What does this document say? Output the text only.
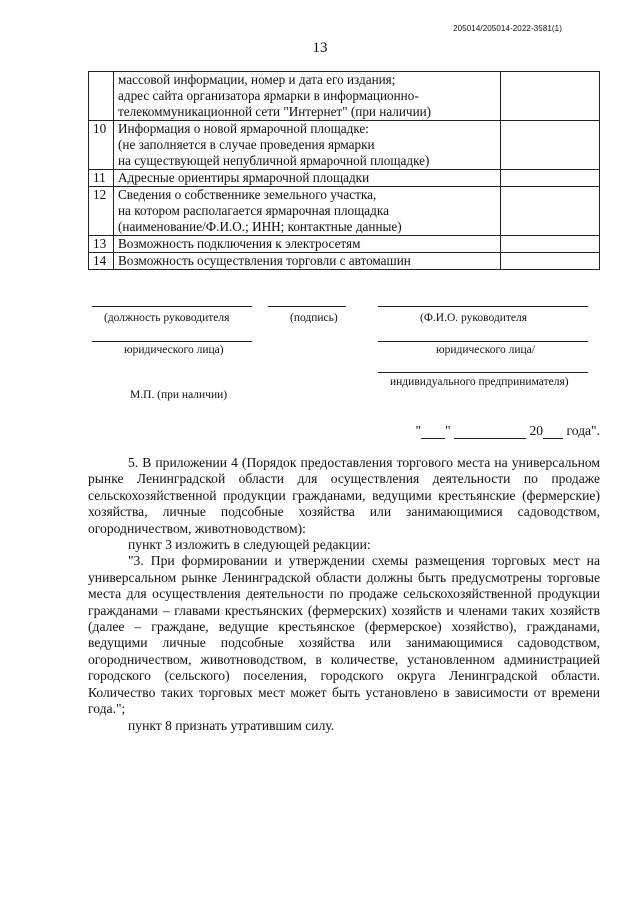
205014/205014-2022-3581(1)
13

	массовой информации, номер и дата его издания;
адрес сайта организатора ярмарки в информационно-
телекоммуникационной сети "Интернет" (при наличии)	

10	Информация о новой ярмарочной площадке:
(не заполняется в случае проведения ярмарки
на существующей непубличной ярмарочной площадке)	

11	Адресные ориентиры ярмарочной площадки	

12	Сведения о собственнике земельного участка,
на котором располагается ярмарочная площадка
(наименование/Ф.И.О.; ИНН; контактные данные)	

13	Возможность подключения к электросетям	

14	Возможность осуществления торговли с автомашин	

(должность руководителя	(подпись)	(Ф.И.О. руководителя
юридического лица)	юридического лица/
индивидуального предпринимателя)
М.П. (при наличии)
" "	20 года".

5. В приложении 4 (Порядок предоставления торгового места на универсальном рынке Ленинградской области для осуществления деятельности по продаже сельскохозяйственной продукции гражданами, ведущими крестьянские (фермерские) хозяйства, личные подсобные хозяйства или занимающимися садоводством, огородничеством, животноводством):

пункт 3 изложить в следующей редакции:

"3. При формировании и утверждении схемы размещения торговых мест на универсальном рынке Ленинградской области должны быть предусмотрены торговые места для осуществления деятельности по продаже сельскохозяйственной продукции гражданами – главами крестьянских (фермерских) хозяйств и членами таких хозяйств (далее – граждане, ведущие крестьянское (фермерское) хозяйство), гражданами, ведущими личные подсобные хозяйства или занимающимися садоводством, огородничеством, животноводством, в количестве, установленном администрацией городского (сельского) поселения, городского округа Ленинградской области. Количество таких торговых мест может быть установлено в зависимости от времени года.";

пункт 8 признать утратившим силу.
